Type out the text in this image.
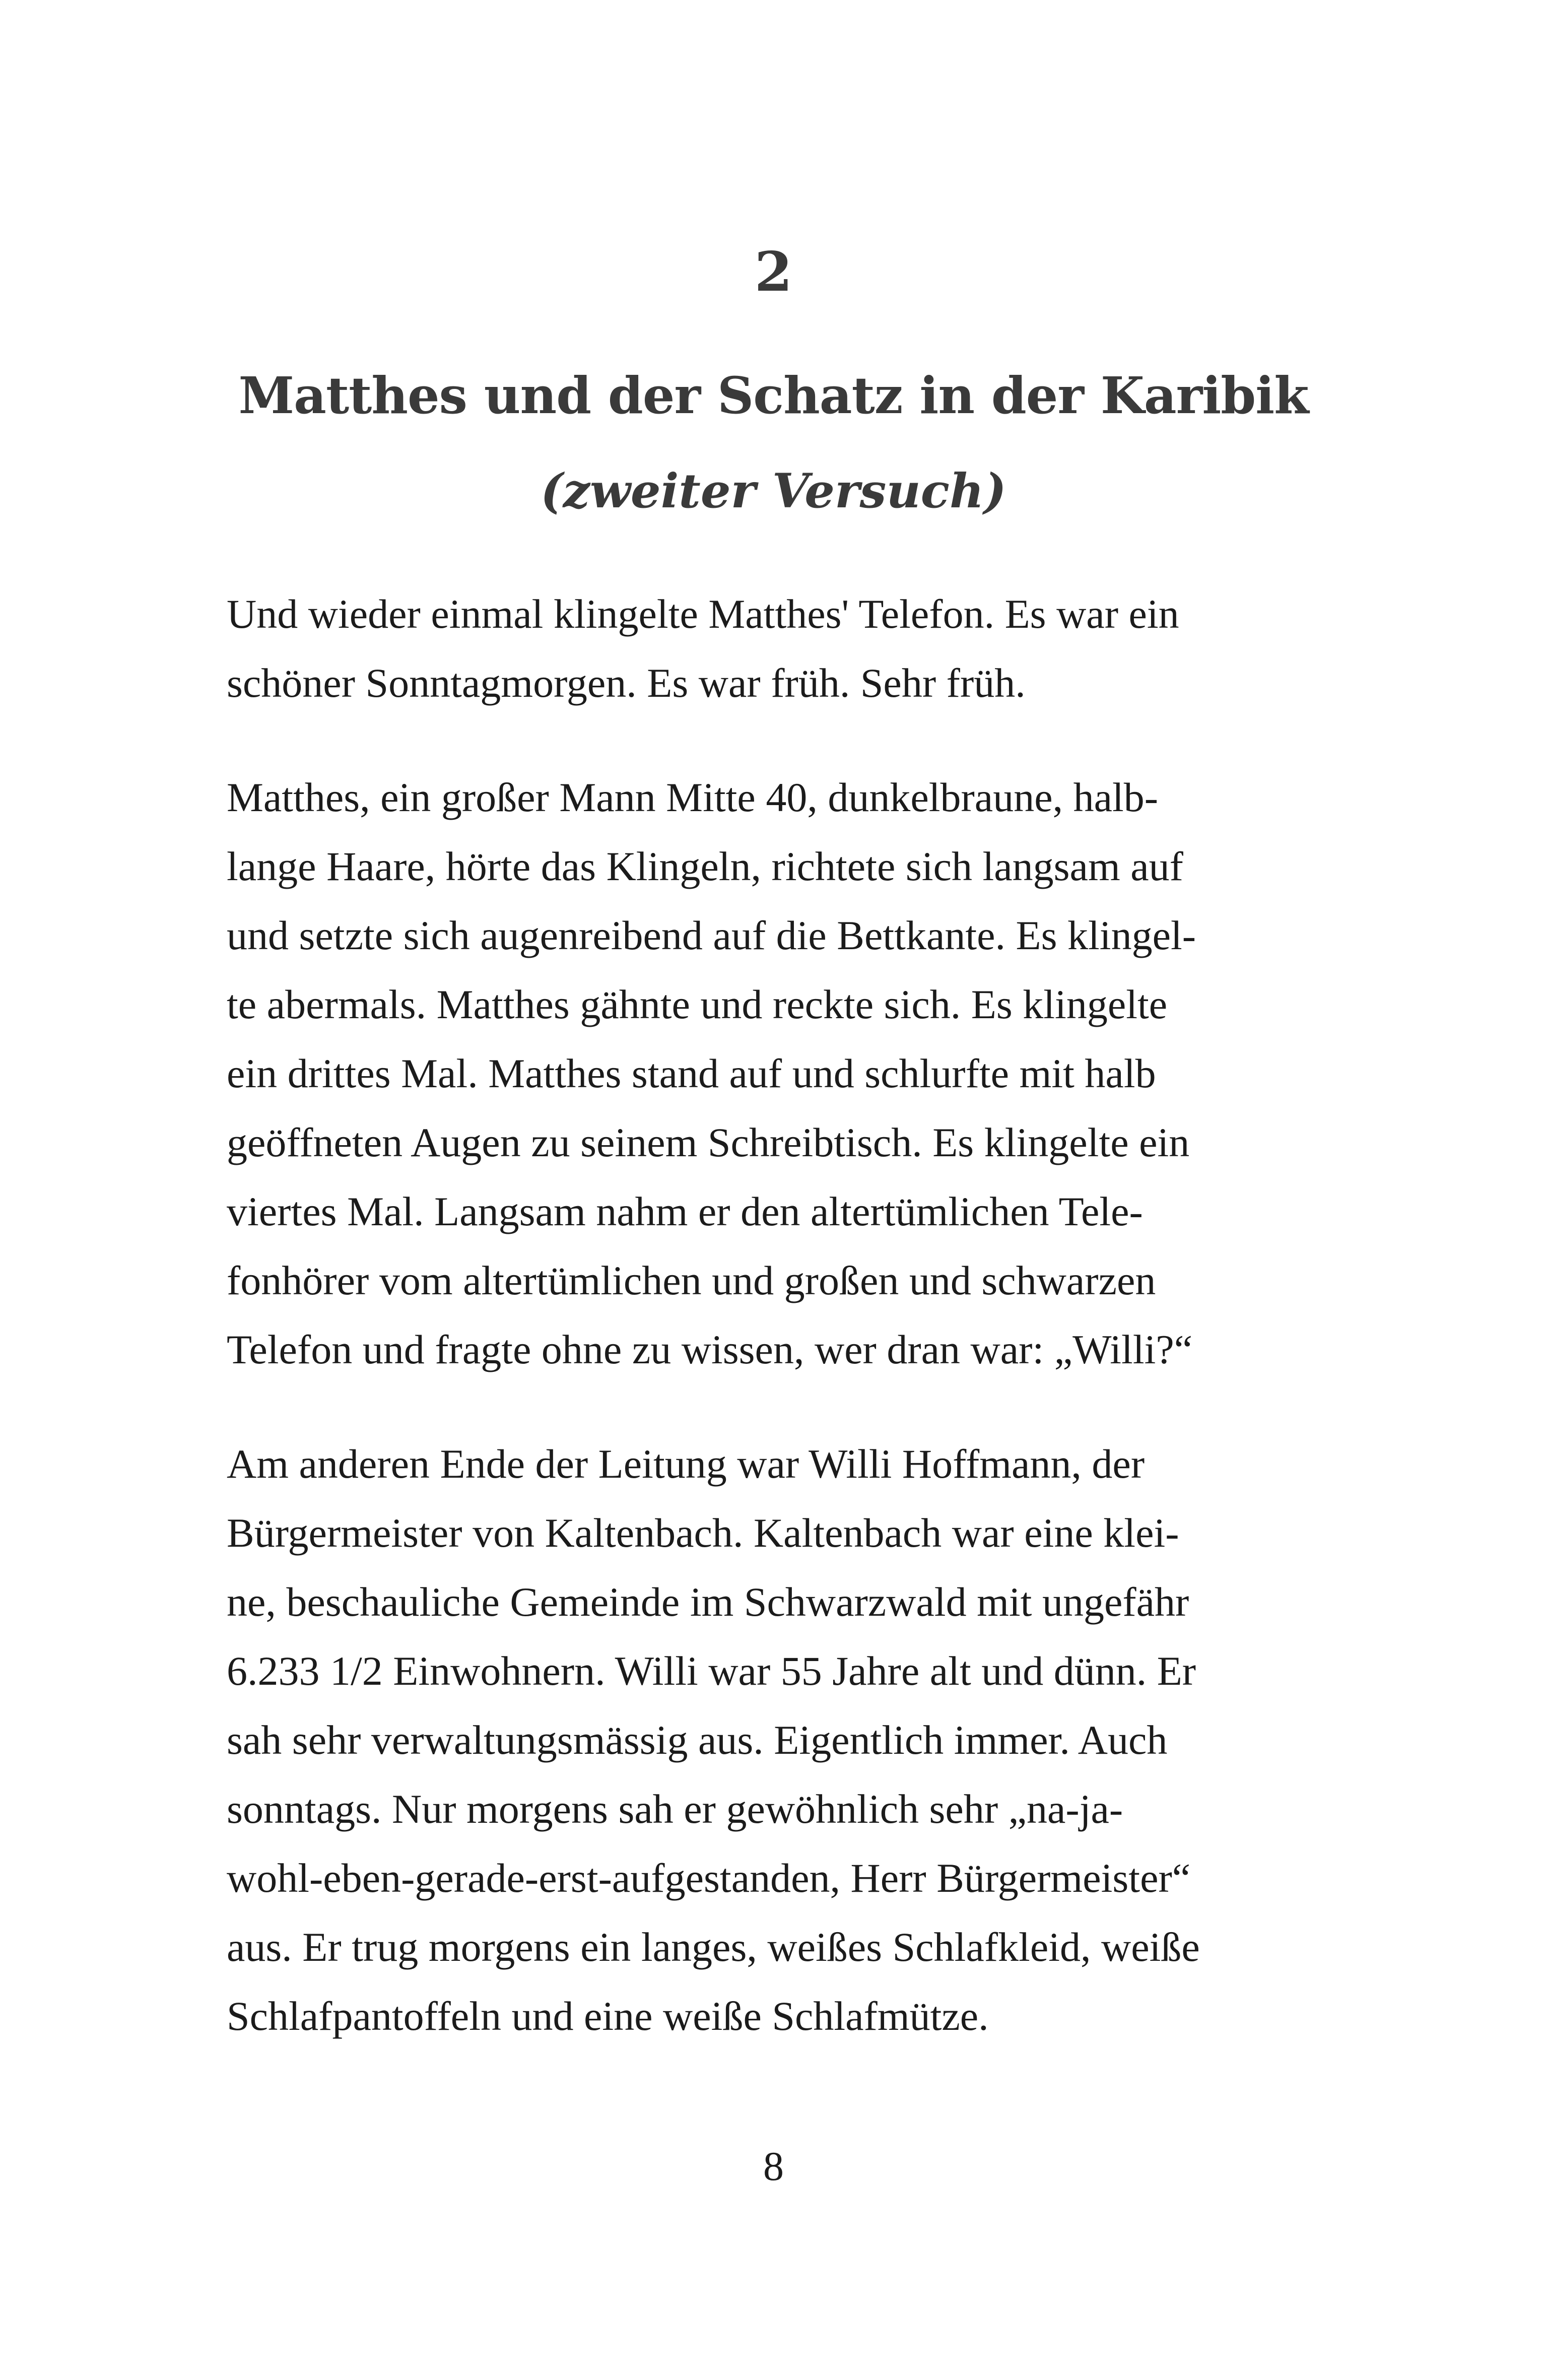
2
Matthes und der Schatz in der Karibik
(zweiter Versuch)

Und wieder einmal klingelte Matthes' Telefon. Es war ein
schöner Sonntagmorgen. Es war früh. Sehr früh.

Matthes, ein großer Mann Mitte 40, dunkelbraune, halb-
lange Haare, hörte das Klingeln, richtete sich langsam auf
und setzte sich augenreibend auf die Bettkante. Es klingel-
te abermals. Matthes gähnte und reckte sich. Es klingelte
ein drittes Mal. Matthes stand auf und schlurfte mit halb
geöffneten Augen zu seinem Schreibtisch. Es klingelte ein
viertes Mal. Langsam nahm er den altertümlichen Tele-
fonhörer vom altertümlichen und großen und schwarzen
Telefon und fragte ohne zu wissen, wer dran war: „Willi?“

Am anderen Ende der Leitung war Willi Hoffmann, der
Bürgermeister von Kaltenbach. Kaltenbach war eine klei-
ne, beschauliche Gemeinde im Schwarzwald mit ungefähr
6.233 1/2 Einwohnern. Willi war 55 Jahre alt und dünn. Er
sah sehr verwaltungsmässig aus. Eigentlich immer. Auch
sonntags. Nur morgens sah er gewöhnlich sehr „na-ja-
wohl-eben-gerade-erst-aufgestanden, Herr Bürgermeister“
aus. Er trug morgens ein langes, weißes Schlafkleid, weiße
Schlafpantoffeln und eine weiße Schlafmütze.

8
